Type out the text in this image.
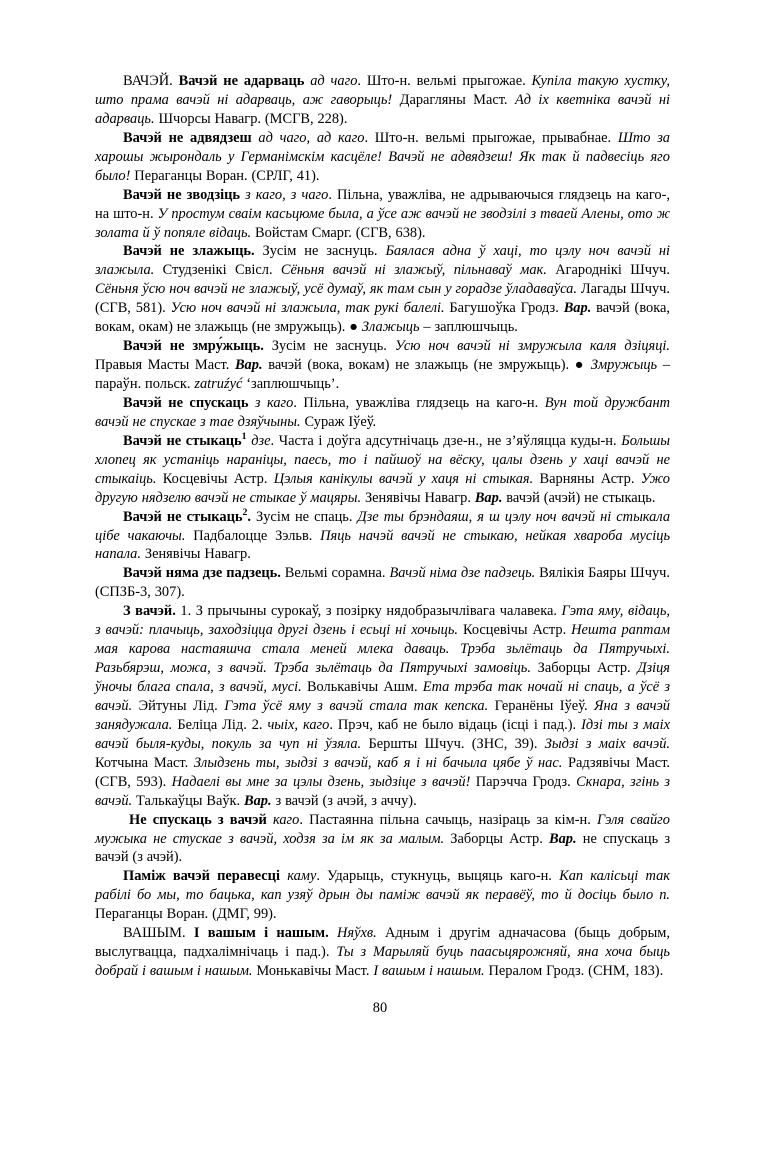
ВАЧЭЙ. Вачэй не адарваць ад чаго. Што-н. вельмі прыгожае. Купіла такую хустку, што прама вачэй ні адарваць, аж гаворыць! Дарагляны Маст. Ад іх кветніка вачэй ні адарваць. Шчорсы Навагр. (МСГВ, 228).

Вачэй не адвядзеш ад чаго, ад каго. Што-н. вельмі прыгожае, прывабнае. Што за харошы жырондаль у Германімскім касцёле! Вачэй не адвядзеш! Як так й падвесіць яго было! Пераганцы Воран. (СРЛГ, 41).

Вачэй не зводзіць з каго, з чаго. Пільна, уважліва, не адрываючыся глядзець на каго-, на што-н. У простум сваім касьцюме была, а ўсе аж вачэй не зводзілі з тваей Алены, ото ж золата й ў попяле відаць. Войстам Смарг. (СГВ, 638).

Вачэй не злажыць. Зусім не заснуць. Баялася адна ў хаці, то цэлу ноч вачэй ні злажыла. Студзенікі Свісл. Сёньня вачэй ні злажыў, пільнаваў мак. Агароднікі Шчуч. Сёньня ўсю ноч вачэй не злажыў, усё думаў, як там сын у горадзе ўладаваўса. Лагады Шчуч. (СГВ, 581). Усю ноч вачэй ні злажыла, так рукі балелі. Багушоўка Гродз. Вар. вачэй (вока, вокам, окам) не злажыць (не змружыць). ● Злажыць – заплюшчыць.

Вачэй не змру́жыць. Зусім не заснуць. Усю ноч вачэй ні змружыла каля дзіцяці. Правыя Масты Маст. Вар. вачэй (вока, вокам) не злажыць (не змружыць). ● Змружыць – параўн. польск. zatruźyć ‘заплюшчыць’.

Вачэй не спускаць з каго. Пільна, уважліва глядзець на каго-н. Вун той дружбант вачэй не спускае з тае дзяўчыны. Сураж Іўеў.

Вачэй не стыкаць$^1$ дзе. Часта і доўга адсутнічаць дзе-н., не з’яўляцца куды-н. Большы хлопец як устаніць нараніцы, паесь, то і пайшоў на вёску, цалы дзень у хаці вачэй не стыкаіць. Косцевічы Астр. Цэлыя канікулы вачэй у хаця ні стыкая. Варняны Астр. Ужо другую нядзелю вачэй не стыкае ў мацяры. Зенявічы Навагр. Вар. вачэй (ачэй) не стыкаць.

Вачэй не стыкаць$^2$. Зусім не спаць. Дзе ты брэндаяш, я ш цэлу ноч вачэй ні стыкала цібе чакаючы. Падбалоцце Зэльв. Пяць начэй вачэй не стыкаю, нейкая хвароба мусіць напала. Зенявічы Навагр.

Вачэй няма дзе падзець. Вельмі сорамна. Вачэй німа дзе падзець. Вялікія Баяры Шчуч. (СПЗБ-3, 307).

З вачэй. 1. З прычыны сурокаў, з позірку нядобразычлівага чалавека. Гэта яму, відаць, з вачэй: плачыць, заходзіцца другі дзень і есьці ні хочыць. Косцевічы Астр. Нешта раптам мая карова настаяшча стала меней млека даваць. Трэба зьлётаць да Пятручыхі. Разьбярэш, можа, з вачэй. Трэба зьлётаць да Пятручыхі замовіць. Заборцы Астр. Дзіця ўночы блага спала, з вачэй, мусі. Волькавічы Ашм. Ета трэба так ночай ні спаць, а ўсё з вачэй. Эйтуны Лід. Гэта ўсё яму з вачэй стала так кепска. Геранёны Іўеў. Яна з вачэй занядужала. Беліца Лід. 2. чыіх, каго. Прэч, каб не было відаць (ісці і пад.). Ідзі ты з маіх вачэй быля-куды, покуль за чуп ні ўзяла. Бершты Шчуч. (ЗНС, 39). Зыдзі з маіх вачэй. Котчына Маст. Злыдзень ты, зыдзі з вачэй, каб я і ні бачыла цябе ў нас. Радзявічы Маст. (СГВ, 593). Надаелі вы мне за цэлы дзень, зыдзіце з вачэй! Парэчча Гродз. Скнара, згінь з вачэй. Талькаўцы Ваўк. Вар. з вачэй (з ачэй, з аччу).

Не спускаць з вачэй каго. Пастаянна пільна сачыць, назіраць за кім-н. Гэля свайго мужыка не стускае з вачэй, ходзя за ім як за малым. Заборцы Астр. Вар. не спускаць з вачэй (з ачэй).

Паміж вачэй перавесці каму. Ударыць, стукнуць, выцяць каго-н. Кап калісьці так рабілі бо мы, то бацька, кап узяў дрын ды паміж вачэй як перавёў, то й досіць было п. Пераганцы Воран. (ДМГ, 99).

ВАШЫМ. І вашым і нашым. Няўхв. Адным і другім адначасова (быць добрым, выслугвацца, падхалімнічаць і пад.). Ты з Марыляй буць паасьцярожняй, яна хоча быць добрай і вашым і нашым. Монькавічы Маст. І вашым і нашым. Пералом Гродз. (СНМ, 183).

80
